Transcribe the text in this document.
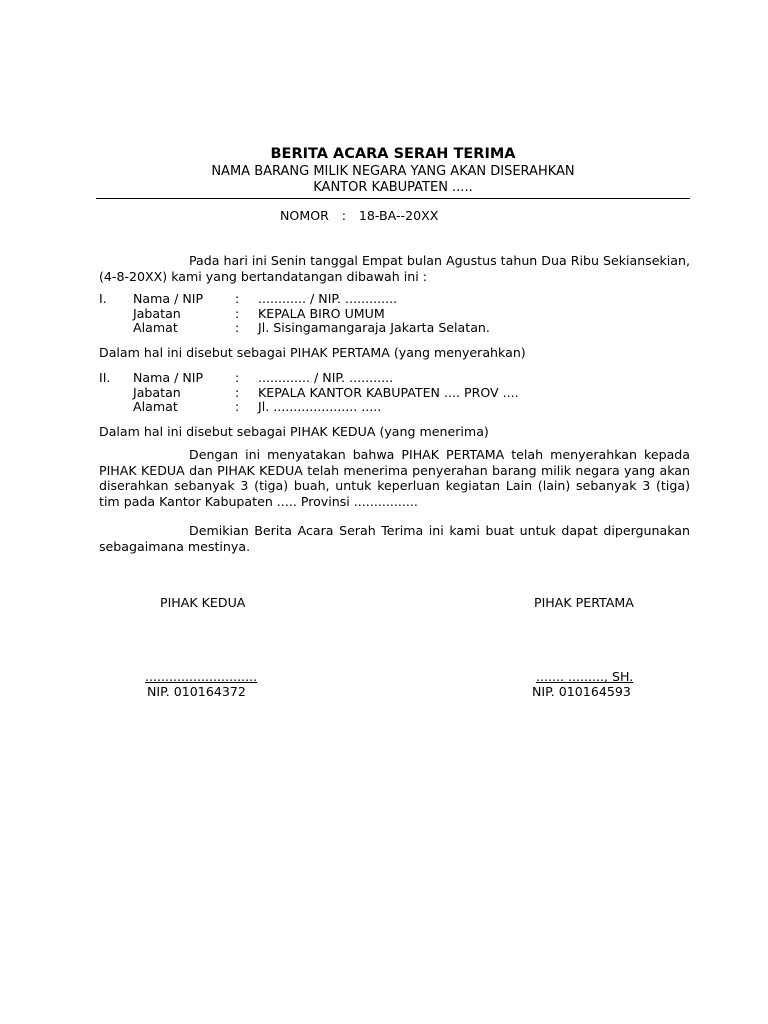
BERITA ACARA SERAH TERIMA
NAMA BARANG MILIK NEGARA YANG AKAN DISERAHKAN
KANTOR KABUPATEN .....
NOMOR : 18-BA--20XX
Pada hari ini Senin tanggal Empat bulan Agustus tahun Dua Ribu Sekiansekian, (4-8-20XX) kami yang bertandatangan dibawah ini :
I. Nama / NIP	: ............ / NIP. .............
Jabatan	: KEPALA BIRO UMUM
Alamat	: Jl. Sisingamangaraja Jakarta Selatan.
Dalam hal ini disebut sebagai PIHAK PERTAMA (yang menyerahkan)
II. Nama / NIP	: ............. / NIP. ...........
Jabatan	: KEPALA KANTOR KABUPATEN .... PROV ....
Alamat	: Jl. ..................... .....
Dalam hal ini disebut sebagai PIHAK KEDUA (yang menerima)
Dengan ini menyatakan bahwa PIHAK PERTAMA telah menyerahkan kepada PIHAK KEDUA dan PIHAK KEDUA telah menerima penyerahan barang milik negara yang akan diserahkan sebanyak 3 (tiga) buah, untuk keperluan kegiatan Lain (lain) sebanyak 3 (tiga) tim pada Kantor Kabupaten ..... Provinsi ................
Demikian Berita Acara Serah Terima ini kami buat untuk dapat dipergunakan sebagaimana mestinya.
PIHAK KEDUA	PIHAK PERTAMA
............................
NIP. 010164372
....... ........., SH.
NIP. 010164593
